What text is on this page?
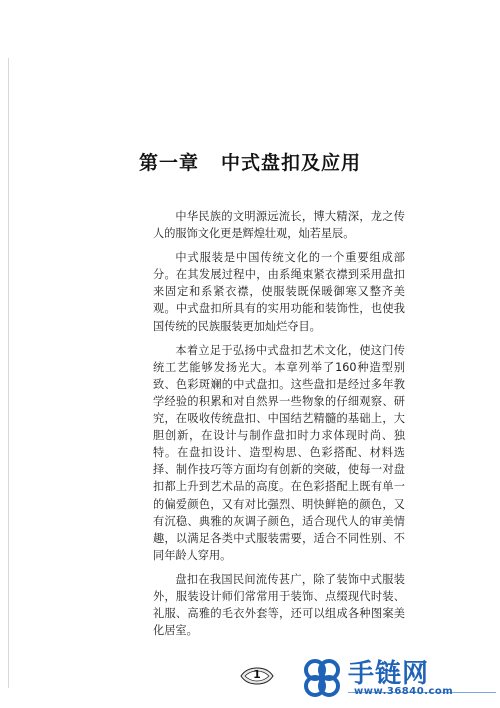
第一章 中式盘扣及应用

中华民族的文明源远流长，博大精深，龙之传人的服饰文化更是辉煌壮观，灿若星辰。

中式服装是中国传统文化的一个重要组成部分。在其发展过程中，由系绳束紧衣襟到采用盘扣来固定和系紧衣襟，使服装既保暖御寒又整齐美观。中式盘扣所具有的实用功能和装饰性，也使我国传统的民族服装更加灿烂夺目。

本着立足于弘扬中式盘扣艺术文化，使这门传统工艺能够发扬光大。本章列举了160种造型别致、色彩斑斓的中式盘扣。这些盘扣是经过多年教学经验的积累和对自然界一些物象的仔细观察、研究，在吸收传统盘扣、中国结艺精髓的基础上，大胆创新，在设计与制作盘扣时力求体现时尚、独特。在盘扣设计、造型构思、色彩搭配、材料选择、制作技巧等方面均有创新的突破，使每一对盘扣都上升到艺术品的高度。在色彩搭配上既有单一的偏爱颜色，又有对比强烈、明快鲜艳的颜色，又有沉稳、典雅的灰调子颜色，适合现代人的审美情趣，以满足各类中式服装需要，适合不同性别、不同年龄人穿用。

盘扣在我国民间流传甚广，除了装饰中式服装外，服装设计师们常常用于装饰、点缀现代时装、礼服、高雅的毛衣外套等，还可以组成各种图案美化居室。

1	手链网
www.36840.com
